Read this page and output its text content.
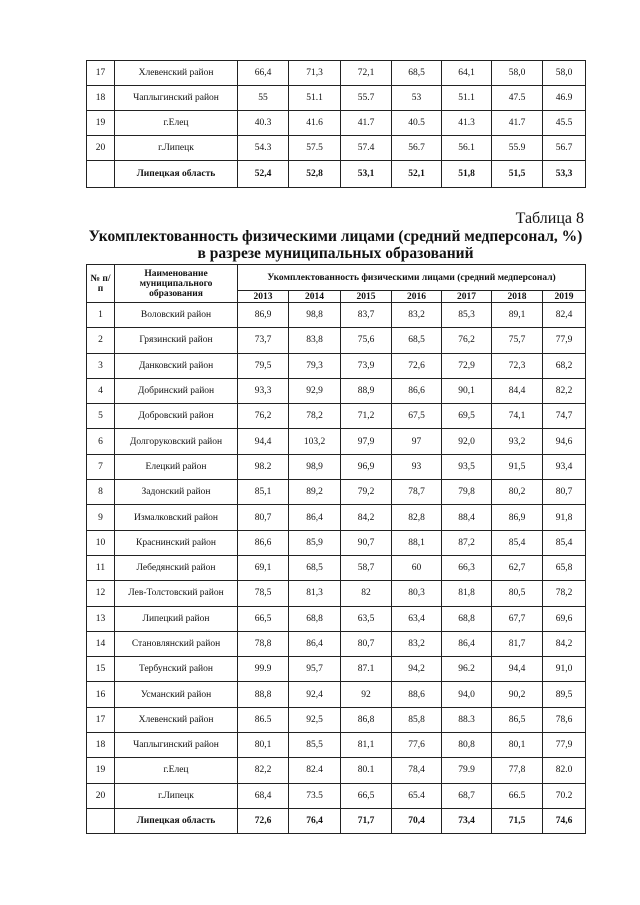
17	Хлевенский район	66,4	71,3	72,1	68,5	64,1	58,0	58,0
18	Чаплыгинский район	55	51.1	55.7	53	51.1	47.5	46.9
19	г.Елец	40.3	41.6	41.7	40.5	41.3	41.7	45.5
20	г.Липецк	54.3	57.5	57.4	56.7	56.1	55.9	56.7
	Липецкая область	52,4	52,8	53,1	52,1	51,8	51,5	53,3
Таблица 8
Укомплектованность физическими лицами (средний медперсонал, %) в разрезе муниципальных образований
№ п/п	Наименование муниципального образования	Укомплектованность физическими лицами (средний медперсонал)						
		2013	2014	2015	2016	2017	2018	2019
1	Воловский район	86,9	98,8	83,7	83,2	85,3	89,1	82,4
2	Грязинский район	73,7	83,8	75,6	68,5	76,2	75,7	77,9
3	Данковский район	79,5	79,3	73,9	72,6	72,9	72,3	68,2
4	Добринский район	93,3	92,9	88,9	86,6	90,1	84,4	82,2
5	Добровский район	76,2	78,2	71,2	67,5	69,5	74,1	74,7
6	Долгоруковский район	94,4	103,2	97,9	97	92,0	93,2	94,6
7	Елецкий район	98.2	98,9	96,9	93	93,5	91,5	93,4
8	Задонский район	85,1	89,2	79,2	78,7	79,8	80,2	80,7
9	Измалковский район	80,7	86,4	84,2	82,8	88,4	86,9	91,8
10	Краснинский район	86,6	85,9	90,7	88,1	87,2	85,4	85,4
11	Лебедянский район	69,1	68,5	58,7	60	66,3	62,7	65,8
12	Лев-Толстовский район	78,5	81,3	82	80,3	81,8	80,5	78,2
13	Липецкий район	66,5	68,8	63,5	63,4	68,8	67,7	69,6
14	Становлянский район	78,8	86,4	80,7	83,2	86,4	81,7	84,2
15	Тербунский район	99.9	95,7	87.1	94,2	96.2	94,4	91,0
16	Усманский район	88,8	92,4	92	88,6	94,0	90,2	89,5
17	Хлевенский район	86.5	92,5	86,8	85,8	88.3	86,5	78,6
18	Чаплыгинский район	80,1	85,5	81,1	77,6	80,8	80,1	77,9
19	г.Елец	82,2	82.4	80.1	78,4	79.9	77,8	82.0
20	г.Липецк	68,4	73.5	66,5	65.4	68,7	66.5	70.2
	Липецкая область	72,6	76,4	71,7	70,4	73,4	71,5	74,6
